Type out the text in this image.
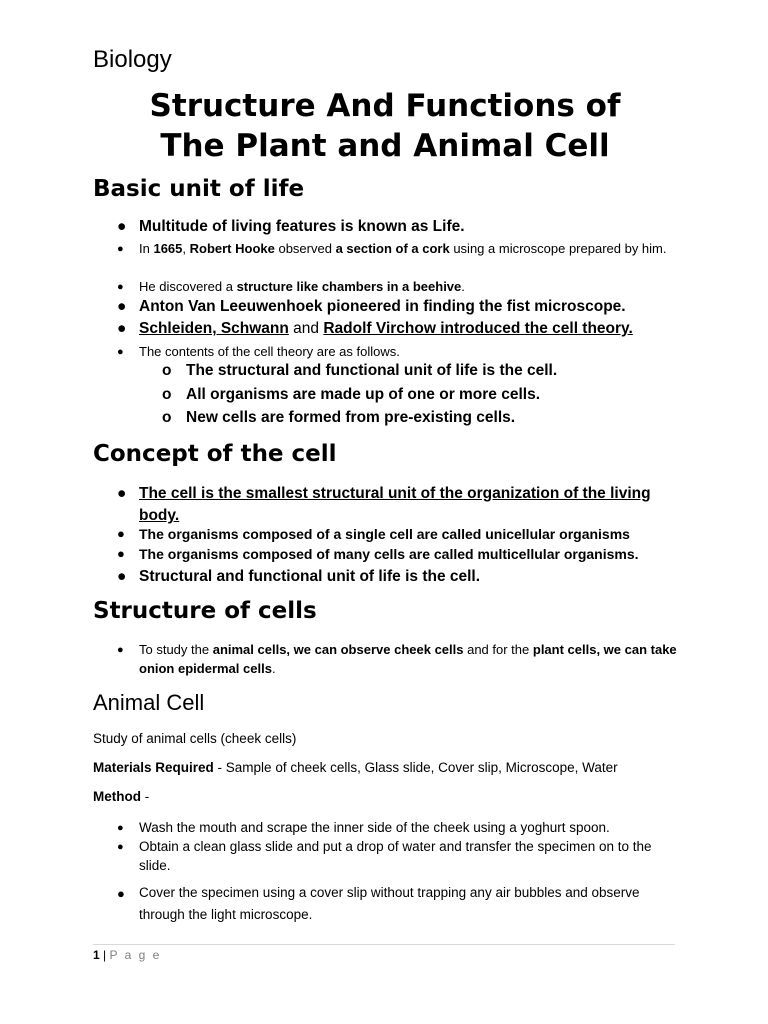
Biology
Structure And Functions of
The Plant and Animal Cell
Basic unit of life
● Multitude of living features is known as Life.
● In 1665, Robert Hooke observed a section of a cork using a microscope prepared by him.
● He discovered a structure like chambers in a beehive.
● Anton Van Leeuwenhoek pioneered in finding the fist microscope.
● Schleiden, Schwann and Radolf Virchow introduced the cell theory.
● The contents of the cell theory are as follows.
o The structural and functional unit of life is the cell.
o All organisms are made up of one or more cells.
o New cells are formed from pre-existing cells.
Concept of the cell
● The cell is the smallest structural unit of the organization of the living
body.
● The organisms composed of a single cell are called unicellular organisms
● The organisms composed of many cells are called multicellular organisms.
● Structural and functional unit of life is the cell.
Structure of cells
● To study the animal cells, we can observe cheek cells and for the plant cells, we can take onion epidermal cells.
Animal Cell
Study of animal cells (cheek cells)
Materials Required - Sample of cheek cells, Glass slide, Cover slip, Microscope, Water
Method -
● Wash the mouth and scrape the inner side of the cheek using a yoghurt spoon.
● Obtain a clean glass slide and put a drop of water and transfer the specimen on to the slide.
● Cover the specimen using a cover slip without trapping any air bubbles and observe through the light microscope.
1 | P a g e
